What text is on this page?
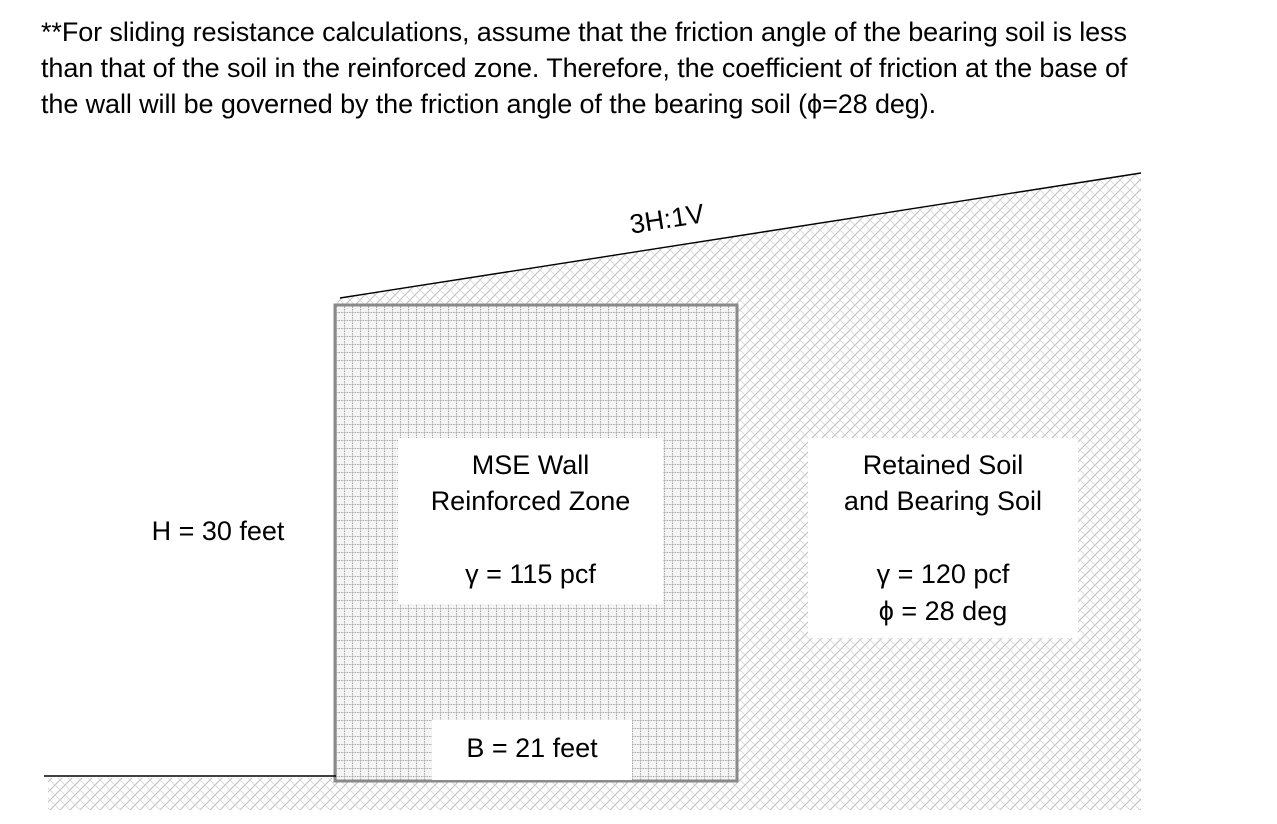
**For sliding resistance calculations, assume that the friction angle of the bearing soil is less
than that of the soil in the reinforced zone. Therefore, the coefficient of friction at the base of
the wall will be governed by the friction angle of the bearing soil (ϕ=28 deg).
3H:1V
H = 30 feet
MSE Wall
Reinforced Zone
γ = 115 pcf
Retained Soil
and Bearing Soil
γ = 120 pcf
ϕ = 28 deg
B = 21 feet
